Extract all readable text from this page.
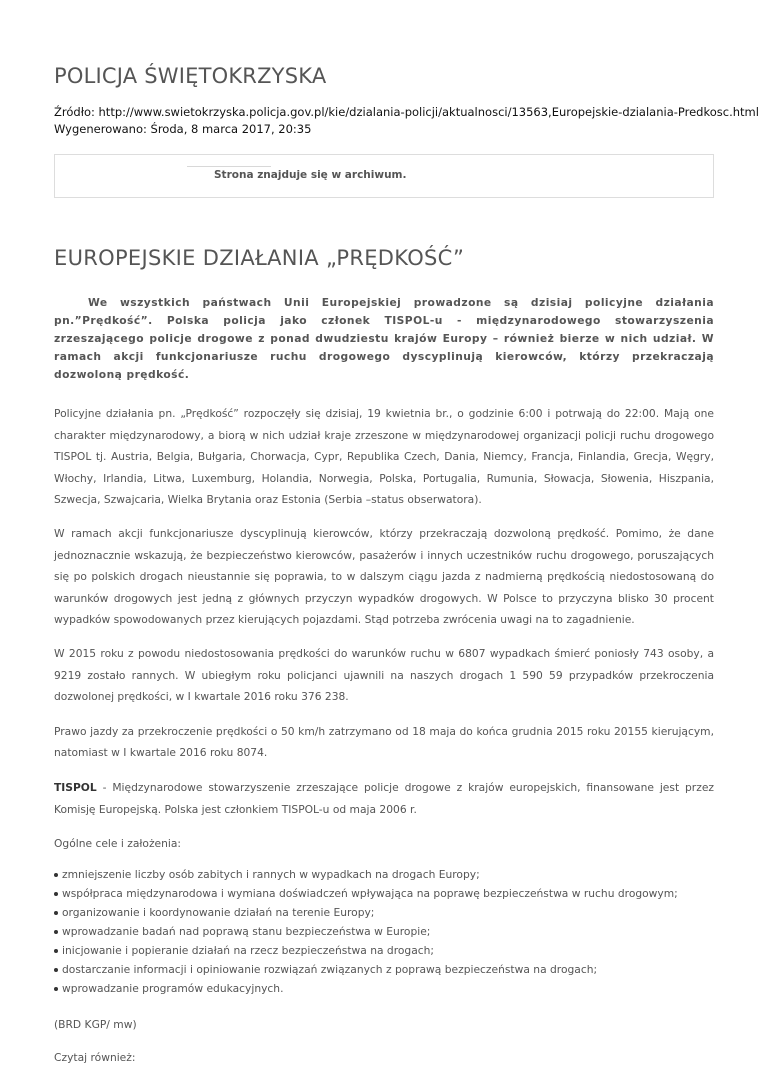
POLICJA ŚWIĘTOKRZYSKA
Źródło: http://www.swietokrzyska.policja.gov.pl/kie/dzialania-policji/aktualnosci/13563,Europejskie-dzialania-Predkosc.html
Wygenerowano: Środa, 8 marca 2017, 20:35
Strona znajduje się w archiwum.
EUROPEJSKIE DZIAŁANIA „PRĘDKOŚĆ”
We wszystkich państwach Unii Europejskiej prowadzone są dzisiaj policyjne działania pn.”Prędkość”. Polska policja jako członek TISPOL-u - międzynarodowego stowarzyszenia zrzeszającego policje drogowe z ponad dwudziestu krajów Europy – również bierze w nich udział. W ramach akcji funkcjonariusze ruchu drogowego dyscyplinują kierowców, którzy przekraczają dozwoloną prędkość.

Policyjne działania pn. „Prędkość” rozpoczęły się dzisiaj, 19 kwietnia br., o godzinie 6:00 i potrwają do 22:00. Mają one charakter międzynarodowy, a biorą w nich udział kraje zrzeszone w międzynarodowej organizacji policji ruchu drogowego TISPOL tj. Austria, Belgia, Bułgaria, Chorwacja, Cypr, Republika Czech, Dania, Niemcy, Francja, Finlandia, Grecja, Węgry, Włochy, Irlandia, Litwa, Luxemburg, Holandia, Norwegia, Polska, Portugalia, Rumunia, Słowacja, Słowenia, Hiszpania, Szwecja, Szwajcaria, Wielka Brytania oraz Estonia (Serbia –status obserwatora).

W ramach akcji funkcjonariusze dyscyplinują kierowców, którzy przekraczają dozwoloną prędkość. Pomimo, że dane jednoznacznie wskazują, że bezpieczeństwo kierowców, pasażerów i innych uczestników ruchu drogowego, poruszających się po polskich drogach nieustannie się poprawia, to w dalszym ciągu jazda z nadmierną prędkością niedostosowaną do warunków drogowych jest jedną z głównych przyczyn wypadków drogowych. W Polsce to przyczyna blisko 30 procent wypadków spowodowanych przez kierujących pojazdami. Stąd potrzeba zwrócenia uwagi na to zagadnienie.

W 2015 roku z powodu niedostosowania prędkości do warunków ruchu w 6807 wypadkach śmierć poniosły 743 osoby, a 9219 zostało rannych. W ubiegłym roku policjanci ujawnili na naszych drogach 1 590 59 przypadków przekroczenia dozwolonej prędkości, w I kwartale 2016 roku 376 238.

Prawo jazdy za przekroczenie prędkości o 50 km/h zatrzymano od 18 maja do końca grudnia 2015 roku 20155 kierującym, natomiast w I kwartale 2016 roku 8074.

TISPOL - Międzynarodowe stowarzyszenie zrzeszające policje drogowe z krajów europejskich, finansowane jest przez Komisję Europejską. Polska jest członkiem TISPOL-u od maja 2006 r.

Ogólne cele i założenia:

zmniejszenie liczby osób zabitych i rannych w wypadkach na drogach Europy;
współpraca międzynarodowa i wymiana doświadczeń wpływająca na poprawę bezpieczeństwa w ruchu drogowym;
organizowanie i koordynowanie działań na terenie Europy;
wprowadzanie badań nad poprawą stanu bezpieczeństwa w Europie;
inicjowanie i popieranie działań na rzecz bezpieczeństwa na drogach;
dostarczanie informacji i opiniowanie rozwiązań związanych z poprawą bezpieczeństwa na drogach;
wprowadzanie programów edukacyjnych.

(BRD KGP/ mw)

Czytaj również:
